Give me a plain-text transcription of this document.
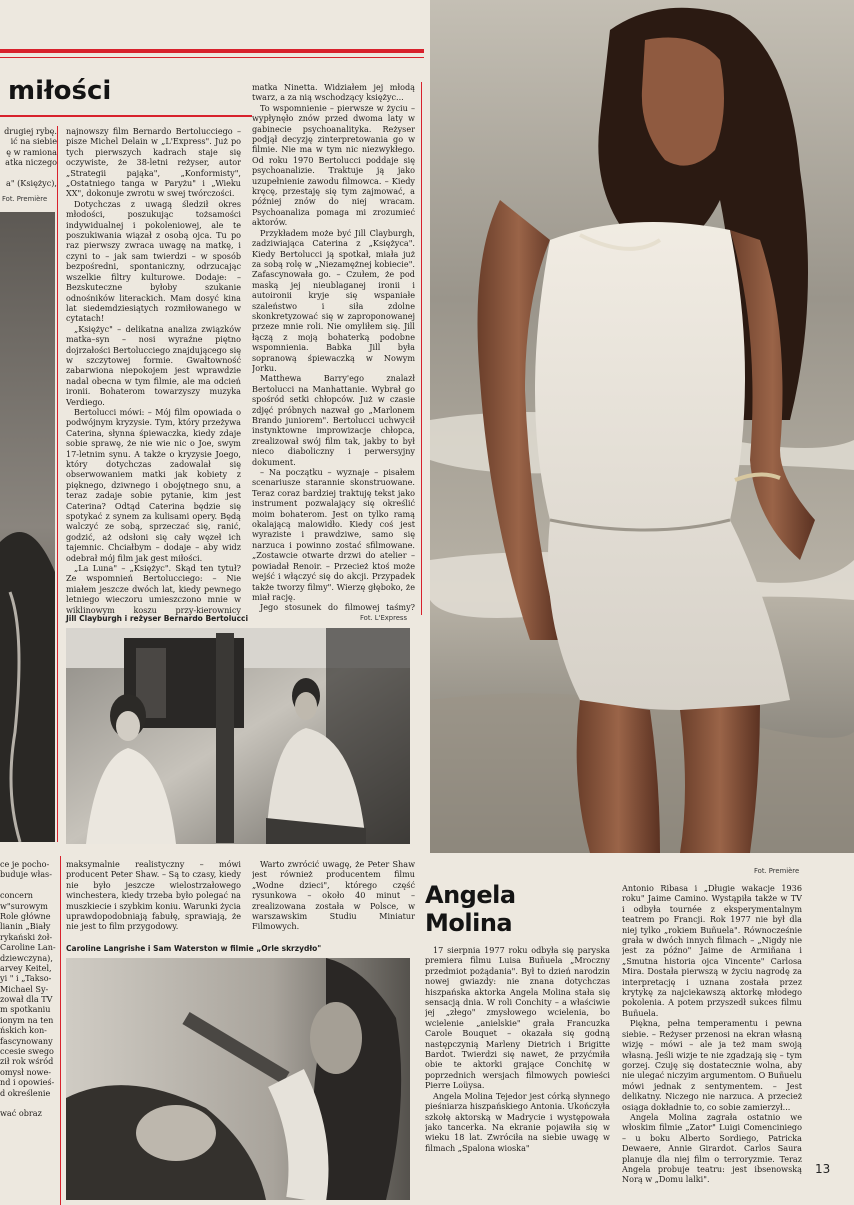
miłości
drugiej rybę.
ić na siebie
ę w ramiona
atka niczego
a" (Księżyc),
Fot. Première

najnowszy film Bernardo Bertolucciego – pisze Michel Delain w „L'Express". Już po tych pierwszych kadrach staje się oczywiste, że 38-letni reżyser, autor „Strategii pająka", „Konformisty", „Ostatniego tanga w Paryżu" i „Wieku XX", dokonuje zwrotu w swej twórczości.

Dotychczas z uwagą śledził okres młodości, poszukując tożsamości indywidualnej i pokoleniowej, ale te poszukiwania wiązał z osobą ojca. Tu po raz pierwszy zwraca uwagę na matkę, i czyni to – jak sam twierdzi – w sposób bezpośredni, spontaniczny, odrzucając wszelkie filtry kulturowe. Dodaje: – Bezskuteczne byłoby szukanie odnośników literackich. Mam dosyć kina lat siedemdziesiątych rozmiłowanego w cytatach!

„Księżyc" – delikatna analiza związków matka–syn – nosi wyraźne piętno dojrzałości Bertolucciego znajdującego się w szczytowej formie. Gwałtowność zabarwiona niepokojem jest wprawdzie nadal obecna w tym filmie, ale ma odcień ironii. Bohaterom towarzyszy muzyka Verdiego.

Bertolucci mówi: – Mój film opowiada o podwójnym kryzysie. Tym, który przeżywa Caterina, słynna śpiewaczka, kiedy zdaje sobie sprawę, że nie wie nic o Joe, swym 17-letnim synu. A także o kryzysie Joego, który dotychczas zadowalał się obserwowaniem matki jak kobiety z pięknego, dziwnego i obojętnego snu, a teraz zadaje sobie pytanie, kim jest Caterina? Odtąd Caterina będzie się spotykać z synem za kulisami opery. Będą walczyć ze sobą, sprzeczać się, ranić, godzić, aż odsłoni się cały węzeł ich tajemnic. Chciałbym – dodaje – aby widz odebrał mój film jak gest miłości.

„La Luna" – „Księżyc". Skąd ten tytuł? Ze wspomnień Bertolucciego: – Nie miałem jeszcze dwóch lat, kiedy pewnego letniego wieczoru umieszczono mnie w wiklinowym koszu przy-kierownicy

matka Ninetta. Widziałem jej młodą twarz, a za nią wschodzący księżyc...

To wspomnienie – pierwsze w życiu – wypłynęło znów przed dwoma laty w gabinecie psychoanalityka. Reżyser podjął decyzję zinterpretowania go w filmie. Nie ma w tym nic niezwykłego. Od roku 1970 Bertolucci poddaje się psychoanalizie. Traktuje ją jako uzupełnienie zawodu filmowca. – Kiedy kręcę, przestaję się tym zajmować, a później znów do niej wracam. Psychoanaliza pomaga mi zrozumieć aktorów.

Przykładem może być Jill Clayburgh, zadziwiająca Caterina z „Księżyca". Kiedy Bertolucci ją spotkał, miała już za sobą rolę w „Niezamężnej kobiecie". Zafascynowała go. – Czułem, że pod maską jej nieublaganej ironii i autoironii kryje się wspaniałe szaleństwo i siła zdolne skonkretyzować się w zaproponowanej przeze mnie roli. Nie omyliłem się. Jill łączą z moją bohaterką podobne wspomnienia. Babka Jill była sopranową śpiewaczką w Nowym Jorku.

Matthewa Barry'ego znalazł Bertolucci na Manhattanie. Wybrał go spośród setki chłopców. Już w czasie zdjęć próbnych nazwał go „Marlonem Brando juniorem". Bertolucci uchwycił instynktowne improwizacje chłopca, zrealizował swój film tak, jakby to był nieco diaboliczny i perwersyjny dokument.

– Na początku – wyznaje – pisałem scenariusze starannie skonstruowane. Teraz coraz bardziej traktuję tekst jako instrument pozwalający się określić moim bohaterom. Jest on tylko ramą okalającą malowidło. Kiedy coś jest wyraziste i prawdziwe, samo się narzuca i powinno zostać sfilmowane. „Zostawcie otwarte drzwi do atelier – powiadał Renoir. – Przecież ktoś może wejść i włączyć się do akcji. Przypadek także tworzy filmy". Wierzę głęboko, że miał rację.

Jego stosunek do filmowej taśmy?

Jill Clayburgh i reżyser Bernardo Bertolucci	Fot. L'Express
Fot. Première
ce je pocho-
buduje włas-
concern
w"surowym
Role główne
lianin „Biały
rykański żoł-
Caroline Lan-
dziewczyna),
arvey Keitel,
yi " i „Takso-
Michael Sy-
zował dla TV
m spotkaniu
ionym na ten
ńskich kon-
fascynowany
ccesie swego
ził rok wśród
omysł nowe-
nd i opowieś-
d określenie
wać obraz

maksymalnie realistyczny – mówi producent Peter Shaw. – Są to czasy, kiedy nie było jeszcze wielostrzałowego winchestera, kiedy trzeba było polegać na muszkiecie i szybkim koniu. Warunki życia uprawdopodobniają fabułę, sprawiają, że nie jest to film przygodowy.

Warto zwrócić uwagę, że Peter Shaw jest również producentem filmu „Wodne dzieci", którego część rysunkowa – około 40 minut – zrealizowana została w Polsce, w warszawskim Studiu Miniatur Filmowych.

Caroline Langrishe i Sam Waterston w filmie „Orle skrzydło"
Angela
Molina

17 sierpnia 1977 roku odbyła się paryska premiera filmu Luisa Buñuela „Mroczny przedmiot pożądania". Był to dzień narodzin nowej gwiazdy: nie znana dotychczas hiszpańska aktorka Angela Molina stała się sensacją dnia. W roli Conchity – a właściwie jej „złego" zmysłowego wcielenia, bo wcielenie „anielskie" grała Francuzka Carole Bouquet – okazała się godną następczynią Marleny Dietrich i Brigitte Bardot. Twierdzi się nawet, że przyćmiła obie te aktorki grające Conchitę w poprzednich wersjach filmowych powieści Pierre Loüysa.

Angela Molina Tejedor jest córką słynnego pieśniarza hiszpańskiego Antonia. Ukończyła szkołę aktorską w Madrycie i występowała jako tancerka. Na ekranie pojawiła się w wieku 18 lat. Zwróciła na siebie uwagę w filmach „Spalona wioska"

Antonio Ribasa i „Długie wakacje 1936 roku" Jaime Camino. Wystąpiła także w TV i odbyła tournée z eksperymentalnym teatrem po Francji. Rok 1977 nie był dla niej tylko „rokiem Buñuela". Równocześnie grała w dwóch innych filmach – „Nigdy nie jest za późno" Jaime de Armiñana i „Smutna historia ojca Vincente" Carlosa Mira. Dostała pierwszą w życiu nagrodę za interpretację i uznana została przez krytykę za najciekawszą aktorkę młodego pokolenia. A potem przyszedł sukces filmu Buñuela.

Piękna, pełna temperamentu i pewna siebie. – Reżyser przenosi na ekran własną wizję – mówi – ale ja też mam swoją własną. Jeśli wizje te nie zgadzają się – tym gorzej. Czuję się dostatecznie wolna, aby nie ulegać niczyim argumentom. O Buñuelu mówi jednak z sentymentem. – Jest delikatny. Niczego nie narzuca. A przecież osiąga dokładnie to, co sobie zamierzył...

Angela Molina zagrała ostatnio we włoskim filmie „Zator" Luigi Comenciniego – u boku Alberto Sordiego, Patricka Dewaere, Annie Girardot. Carlos Saura planuje dla niej film o terroryzmie. Teraz Angela probuje teatru: jest ibsenowską Norą w „Domu lalki".

13
